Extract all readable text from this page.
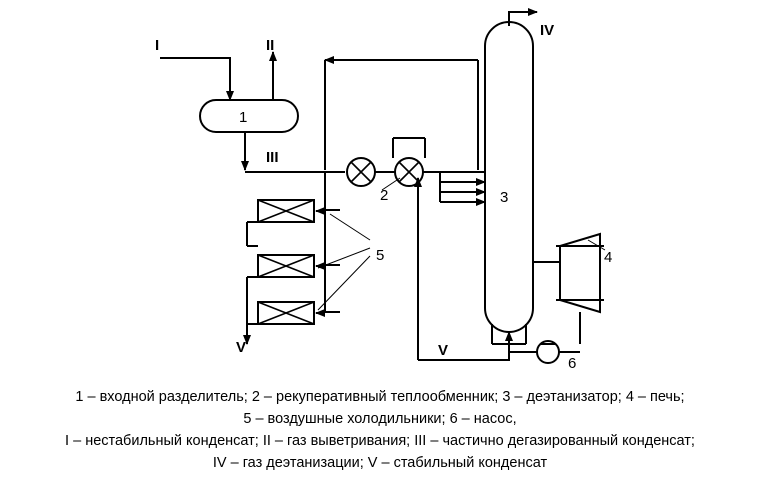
1
2	3
4
5
6
I	II
III
IV
V	V
1 – входной разделитель; 2 – рекуперативный теплообменник; 3 – деэтанизатор; 4 – печь;
5 – воздушные холодильники; 6 – насос,
I – нестабильный конденсат; II – газ выветривания; III – частично дегазированный конденсат;
IV – газ деэтанизации; V – стабильный конденсат
